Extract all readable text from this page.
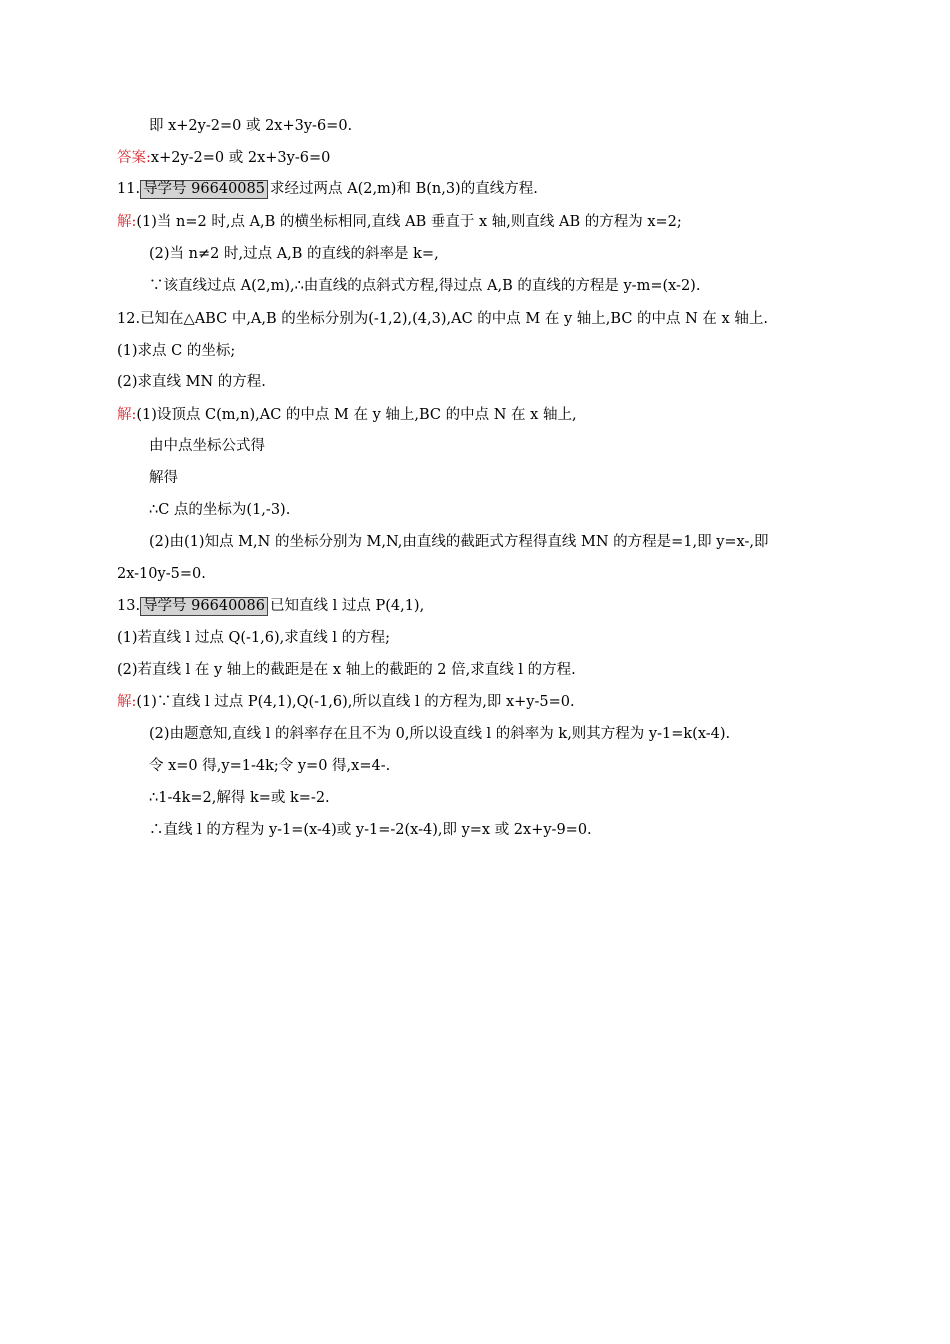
即 x+2y-2=0 或 2x+3y-6=0.
答案:x+2y-2=0 或 2x+3y-6=0
11. 导学号 96640085 求经过两点 A(2,m)和 B(n,3)的直线方程.
解:(1)当 n=2 时,点 A,B 的横坐标相同,直线 AB 垂直于 x 轴,则直线 AB 的方程为 x=2;
(2)当 n≠2 时,过点 A,B 的直线的斜率是 k=,
∵该直线过点 A(2,m),∴由直线的点斜式方程,得过点 A,B 的直线的方程是 y-m=(x-2).
12.已知在△ABC 中,A,B 的坐标分别为(-1,2),(4,3),AC 的中点 M 在 y 轴上,BC 的中点 N 在 x 轴上.
(1)求点 C 的坐标;
(2)求直线 MN 的方程.
解:(1)设顶点 C(m,n),AC 的中点 M 在 y 轴上,BC 的中点 N 在 x 轴上,
由中点坐标公式得
解得
∴C 点的坐标为(1,-3).
(2)由(1)知点 M,N 的坐标分别为 M,N,由直线的截距式方程得直线 MN 的方程是=1,即 y=x-,即
2x-10y-5=0.
13. 导学号 96640086 已知直线 l 过点 P(4,1),
(1)若直线 l 过点 Q(-1,6),求直线 l 的方程;
(2)若直线 l 在 y 轴上的截距是在 x 轴上的截距的 2 倍,求直线 l 的方程.
解:(1)∵直线 l 过点 P(4,1),Q(-1,6),所以直线 l 的方程为,即 x+y-5=0.
(2)由题意知,直线 l 的斜率存在且不为 0,所以设直线 l 的斜率为 k,则其方程为 y-1=k(x-4).
令 x=0 得,y=1-4k;令 y=0 得,x=4-.
∴1-4k=2,解得 k=或 k=-2.
∴直线 l 的方程为 y-1=(x-4)或 y-1=-2(x-4),即 y=x 或 2x+y-9=0.
